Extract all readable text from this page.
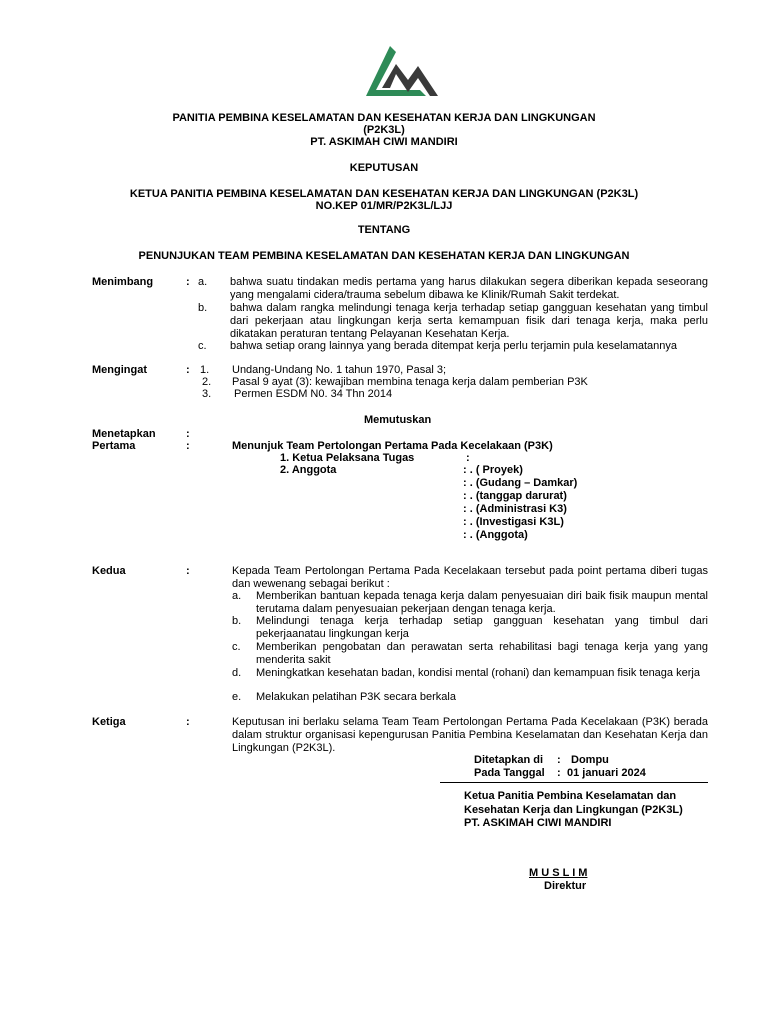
PANITIA PEMBINA KESELAMATAN DAN KESEHATAN KERJA DAN LINGKUNGAN
(P2K3L)
PT. ASKIMAH CIWI MANDIRI
KEPUTUSAN
KETUA PANITIA PEMBINA KESELAMATAN DAN KESEHATAN KERJA DAN LINGKUNGAN (P2K3L)
NO.KEP 01/MR/P2K3L/LJJ
TENTANG
PENUNJUKAN TEAM PEMBINA KESELAMATAN DAN KESEHATAN KERJA DAN LINGKUNGAN
Menimbang	: a. bahwa suatu tindakan medis pertama yang harus dilakukan segera diberikan kepada seseorang yang mengalami cidera/trauma sebelum dibawa ke Klinik/Rumah Sakit terdekat.
b. bahwa dalam rangka melindungi tenaga kerja terhadap setiap gangguan kesehatan yang timbul dari pekerjaan atau lingkungan kerja serta kemampuan fisik dari tenaga kerja, maka perlu dikatakan peraturan tentang Pelayanan Kesehatan Kerja.
c. bahwa setiap orang lainnya yang berada ditempat kerja perlu terjamin pula keselamatannya
Mengingat	: 1. Undang-Undang No. 1 tahun 1970, Pasal 3;
2. Pasal 9 ayat (3): kewajiban membina tenaga kerja dalam pemberian P3K
3. Permen ESDM N0. 34 Thn 2014
Memutuskan
Menetapkan	:
Pertama	:	Menunjuk Team Pertolongan Pertama Pada Kecelakaan (P3K)
1. Ketua Pelaksana Tugas	:
2. Anggota	: . ( Proyek)
: . (Gudang – Damkar)
: . (tanggap darurat)
: . (Administrasi K3)
: . (Investigasi K3L)
: . (Anggota)
Kedua	:	Kepada Team Pertolongan Pertama Pada Kecelakaan tersebut pada point pertama diberi tugas dan wewenang sebagai berikut :
a. Memberikan bantuan kepada tenaga kerja dalam penyesuaian diri baik fisik maupun mental terutama dalam penyesuaian pekerjaan dengan tenaga kerja.
b. Melindungi tenaga kerja terhadap setiap gangguan kesehatan yang timbul dari pekerjaanatau lingkungan kerja
c. Memberikan pengobatan dan perawatan serta rehabilitasi bagi tenaga kerja yang yang menderita sakit
d. Meningkatkan kesehatan badan, kondisi mental (rohani) dan kemampuan fisik tenaga kerja
e. Melakukan pelatihan P3K secara berkala
Ketiga	:	Keputusan ini berlaku selama Team Team Pertolongan Pertama Pada Kecelakaan (P3K) berada dalam struktur organisasi kepengurusan Panitia Pembina Keselamatan dan Kesehatan Kerja dan Lingkungan (P2K3L).
Ditetapkan di : Dompu
Pada Tanggal : 01 januari 2024
Ketua Panitia Pembina Keselamatan dan
Kesehatan Kerja dan Lingkungan (P2K3L)
PT. ASKIMAH CIWI MANDIRI
M U S L I M
Direktur
